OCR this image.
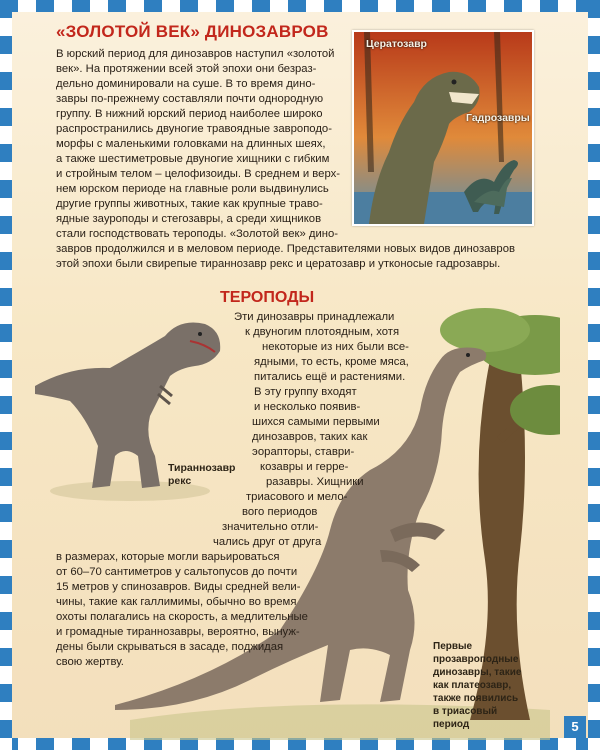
Цератозавр
Гадрозавры
«ЗОЛОТОЙ ВЕК» ДИНОЗАВРОВ
В юрский период для динозавров наступил «золотой
век». На протяжении всей этой эпохи они безраз-
дельно доминировали на суше. В то время дино-
завры по-прежнему составляли почти однородную
группу. В нижний юрский период наиболее широко
распространились двуногие травоядные завроподо-
морфы с маленькими головками на длинных шеях,
а также шестиметровые двуногие хищники с гибким
и стройным телом – целофизоиды. В среднем и верх-
нем юрском периоде на главные роли выдвинулись
другие группы животных, такие как крупные траво-
ядные зауроподы и стегозавры, а среди хищников
стали господствовать тероподы. «Золотой век» дино-
завров продолжился и в меловом периоде. Представителями новых видов динозавров
этой эпохи были свирепые тираннозавр рекс и цератозавр и утконосые гадрозавры.
ТЕРОПОДЫ
Эти динозавры принадлежали
к двуногим плотоядным, хотя
некоторые из них были все-
ядными, то есть, кроме мяса,
питались ещё и растениями.
В эту группу входят
и несколько появив-
шихся самыми первыми
динозавров, таких как
эорапторы, ставри-
козавры и герре-
разавры. Хищники
триасового и мело-
вого периодов
значительно отли-
чались друг от друга
в размерах, которые могли варьироваться
от 60–70 сантиметров у сальтопусов до почти
15 метров у спинозавров. Виды средней вели-
чины, такие как галлимимы, обычно во время
охоты полагались на скорость, а медлительные
и громадные тираннозавры, вероятно, вынуж-
дены были скрываться в засаде, поджидая
свою жертву.
Тираннозавр
рекс
Первые
прозавроподные
динозавры, такие
как платеозавр,
также появились
в триасовый
период	5
